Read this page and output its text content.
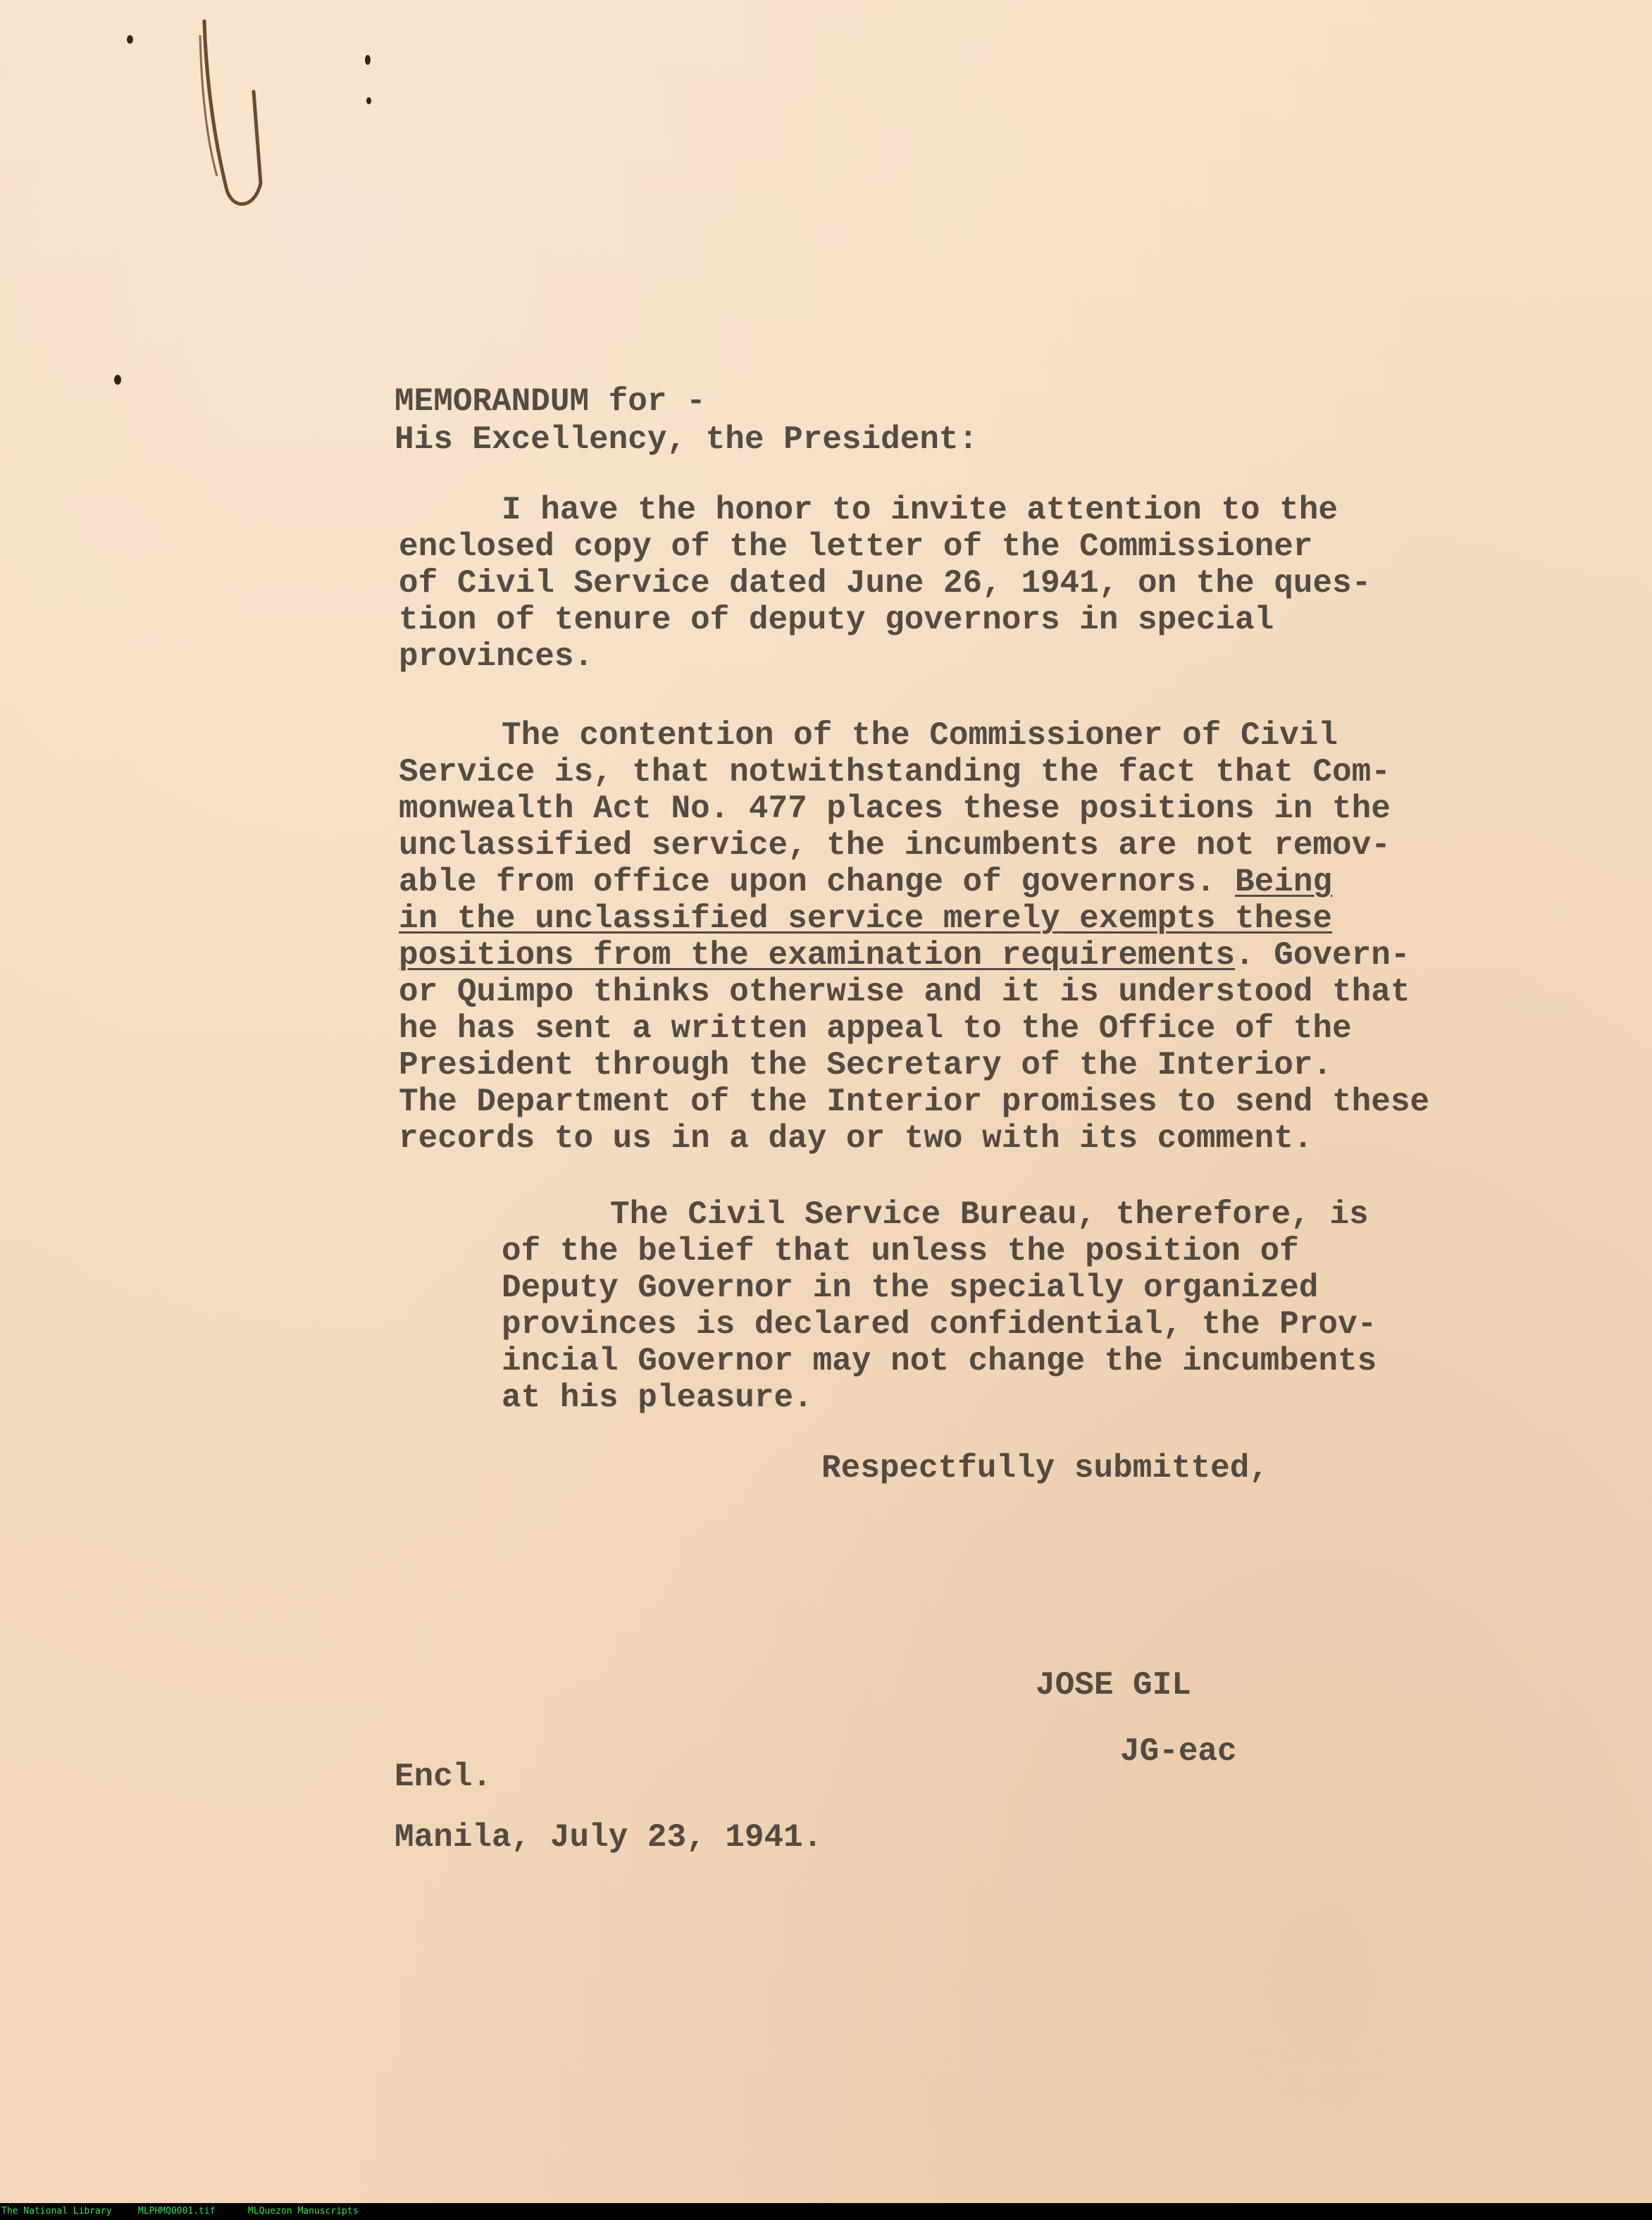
MEMORANDUM for -
His Excellency, the President:
I have the honor to invite attention to the
enclosed copy of the letter of the Commissioner
of Civil Service dated June 26, 1941, on the ques-
tion of tenure of deputy governors in special
provinces.
The contention of the Commissioner of Civil
Service is, that notwithstanding the fact that Com-
monwealth Act No. 477 places these positions in the
unclassified service, the incumbents are not remov-
able from office upon change of governors. Being
in the unclassified service merely exempts these
positions from the examination requirements. Govern-
or Quimpo thinks otherwise and it is understood that
he has sent a written appeal to the Office of the
President through the Secretary of the Interior.
The Department of the Interior promises to send these
records to us in a day or two with its comment.
The Civil Service Bureau, therefore, is
of the belief that unless the position of
Deputy Governor in the specially organized
provinces is declared confidential, the Prov-
incial Governor may not change the incumbents
at his pleasure.
Respectfully submitted,
JOSE GIL
JG-eac
Encl.
Manila, July 23, 1941.
The National Library	MLPHMQ0001.tif	MLQuezon Manuscripts
